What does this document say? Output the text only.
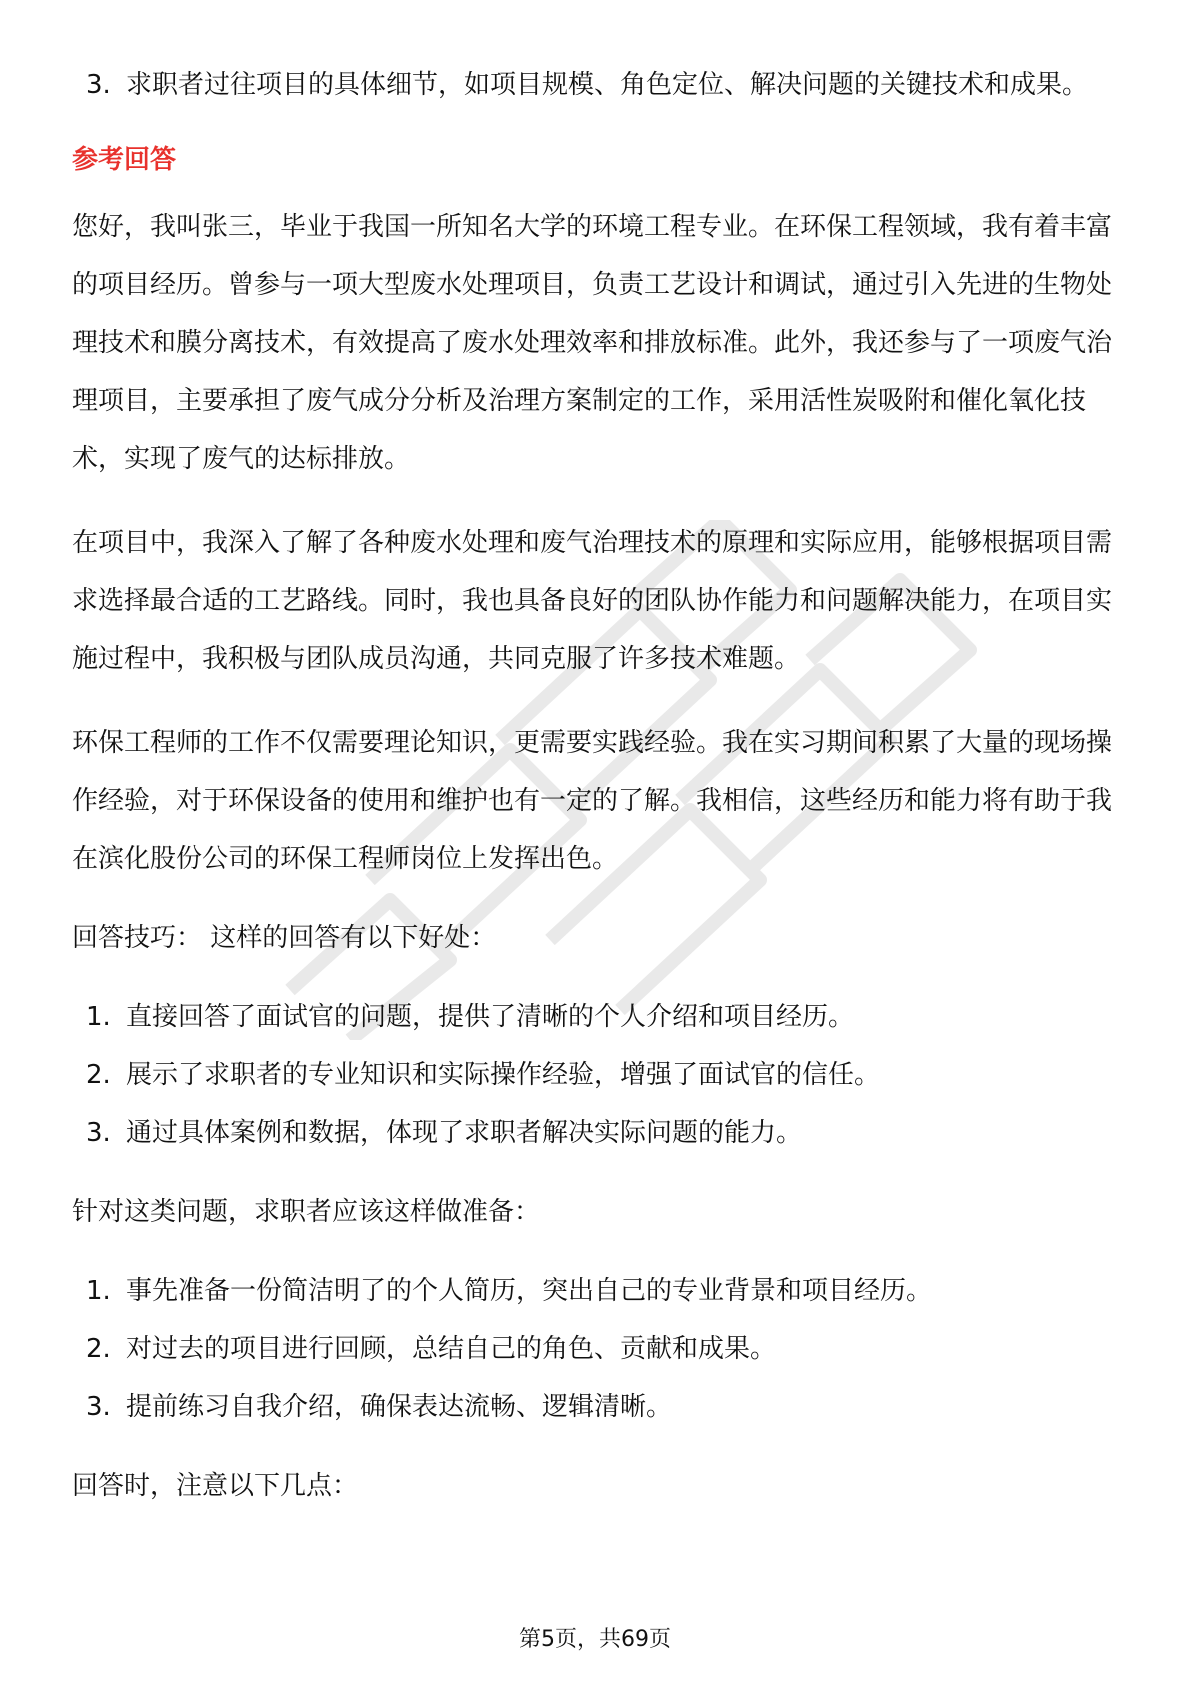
3. 求职者过往项目的具体细节，如项目规模、角色定位、解决问题的关键技术和成果。
参考回答

您好，我叫张三，毕业于我国一所知名大学的环境工程专业。在环保工程领域，我有着丰富的项目经历。曾参与一项大型废水处理项目，负责工艺设计和调试，通过引入先进的生物处理技术和膜分离技术，有效提高了废水处理效率和排放标准。此外，我还参与了一项废气治理项目，主要承担了废气成分分析及治理方案制定的工作，采用活性炭吸附和催化氧化技术，实现了废气的达标排放。

在项目中，我深入了解了各种废水处理和废气治理技术的原理和实际应用，能够根据项目需求选择最合适的工艺路线。同时，我也具备良好的团队协作能力和问题解决能力，在项目实施过程中，我积极与团队成员沟通，共同克服了许多技术难题。

环保工程师的工作不仅需要理论知识，更需要实践经验。我在实习期间积累了大量的现场操作经验，对于环保设备的使用和维护也有一定的了解。我相信，这些经历和能力将有助于我在滨化股份公司的环保工程师岗位上发挥出色。

回答技巧： 这样的回答有以下好处：

1. 直接回答了面试官的问题，提供了清晰的个人介绍和项目经历。
2. 展示了求职者的专业知识和实际操作经验，增强了面试官的信任。
3. 通过具体案例和数据，体现了求职者解决实际问题的能力。

针对这类问题，求职者应该这样做准备：

1. 事先准备一份简洁明了的个人简历，突出自己的专业背景和项目经历。
2. 对过去的项目进行回顾，总结自己的角色、贡献和成果。
3. 提前练习自我介绍，确保表达流畅、逻辑清晰。

回答时，注意以下几点：

第5页，共69页
